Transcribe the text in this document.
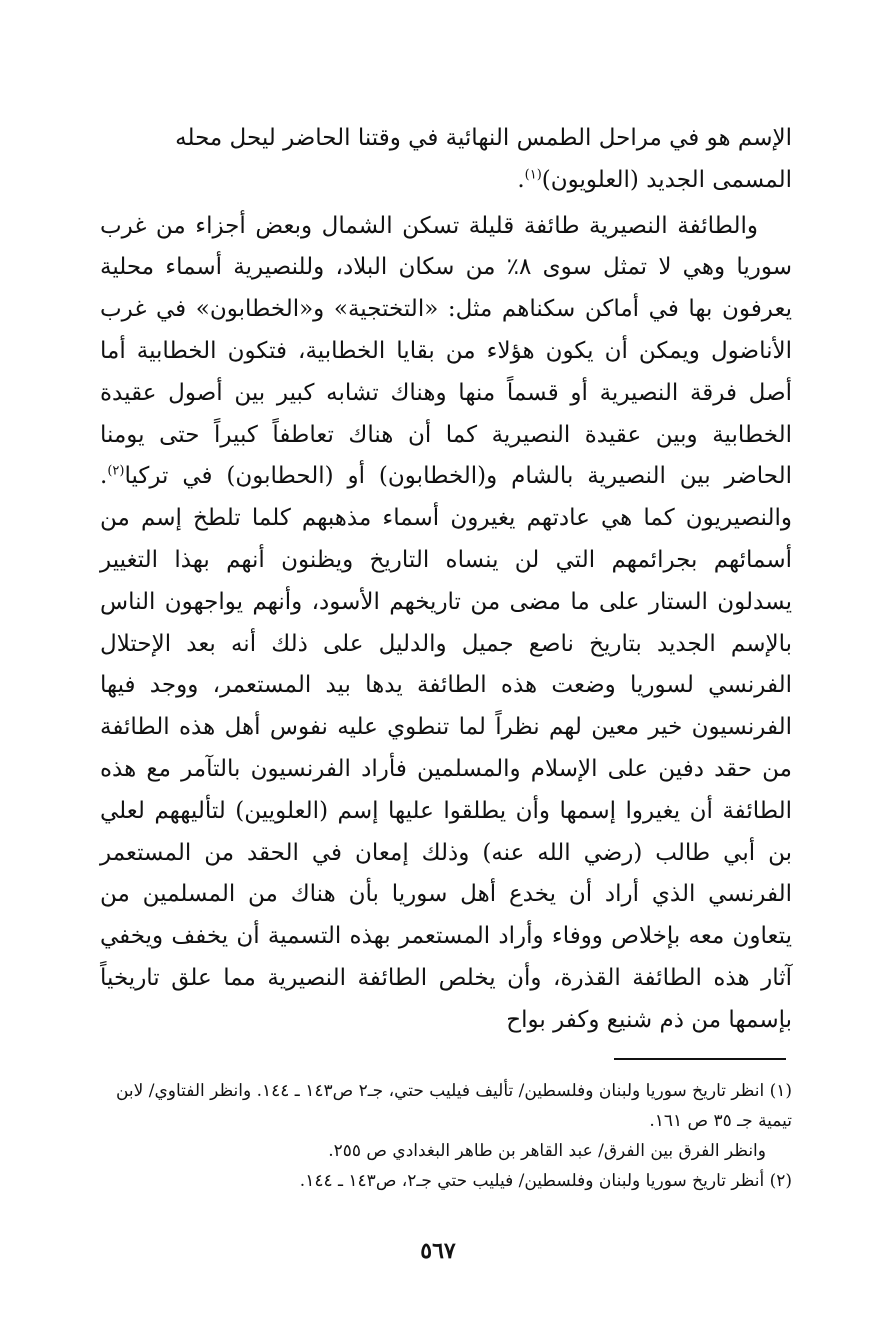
الإسم هو في مراحل الطمس النهائية في وقتنا الحاضر ليحل محله
المسمى الجديد (العلويون)$^{(١)}$.

والطائفة النصيرية طائفة قليلة تسكن الشمال وبعض أجزاء من غرب سوريا وهي لا تمثل سوى ٨٪ من سكان البلاد، وللنصيرية أسماء محلية يعرفون بها في أماكن سكناهم مثل: «التختجية» و«الخطابون» في غرب الأناضول ويمكن أن يكون هؤلاء من بقايا الخطابية، فتكون الخطابية أما أصل فرقة النصيرية أو قسماً منها وهناك تشابه كبير بين أصول عقيدة الخطابية وبين عقيدة النصيرية كما أن هناك تعاطفاً كبيراً حتى يومنا الحاضر بين النصيرية بالشام و(الخطابون) أو (الحطابون) في تركيا$^{(٢)}$. والنصيريون كما هي عادتهم يغيرون أسماء مذهبهم كلما تلطخ إسم من أسمائهم بجرائمهم التي لن ينساه التاريخ ويظنون أنهم بهذا التغيير يسدلون الستار على ما مضى من تاريخهم الأسود، وأنهم يواجهون الناس بالإسم الجديد بتاريخ ناصع جميل والدليل على ذلك أنه بعد الإحتلال الفرنسي لسوريا وضعت هذه الطائفة يدها بيد المستعمر، ووجد فيها الفرنسيون خير معين لهم نظراً لما تنطوي عليه نفوس أهل هذه الطائفة من حقد دفين على الإسلام والمسلمين فأراد الفرنسيون بالتآمر مع هذه الطائفة أن يغيروا إسمها وأن يطلقوا عليها إسم (العلويين) لتأليههم لعلي بن أبي طالب (رضي الله عنه) وذلك إمعان في الحقد من المستعمر الفرنسي الذي أراد أن يخدع أهل سوريا بأن هناك من المسلمين من يتعاون معه بإخلاص ووفاء وأراد المستعمر بهذه التسمية أن يخفف ويخفي آثار هذه الطائفة القذرة، وأن يخلص الطائفة النصيرية مما علق تاريخياً بإسمها من ذم شنيع وكفر بواح

(١) انظر تاريخ سوريا ولبنان وفلسطين/ تأليف فيليب حتي، جـ٢ ص١٤٣ ـ ١٤٤. وانظر الفتاوي/ لابن تيمية جـ ٣٥ ص ١٦١.

وانظر الفرق بين الفرق/ عبد القاهر بن طاهر البغدادي ص ٢٥٥.

(٢) أنظر تاريخ سوريا ولبنان وفلسطين/ فيليب حتي جـ٢، ص١٤٣ ـ ١٤٤.

٥٦٧
